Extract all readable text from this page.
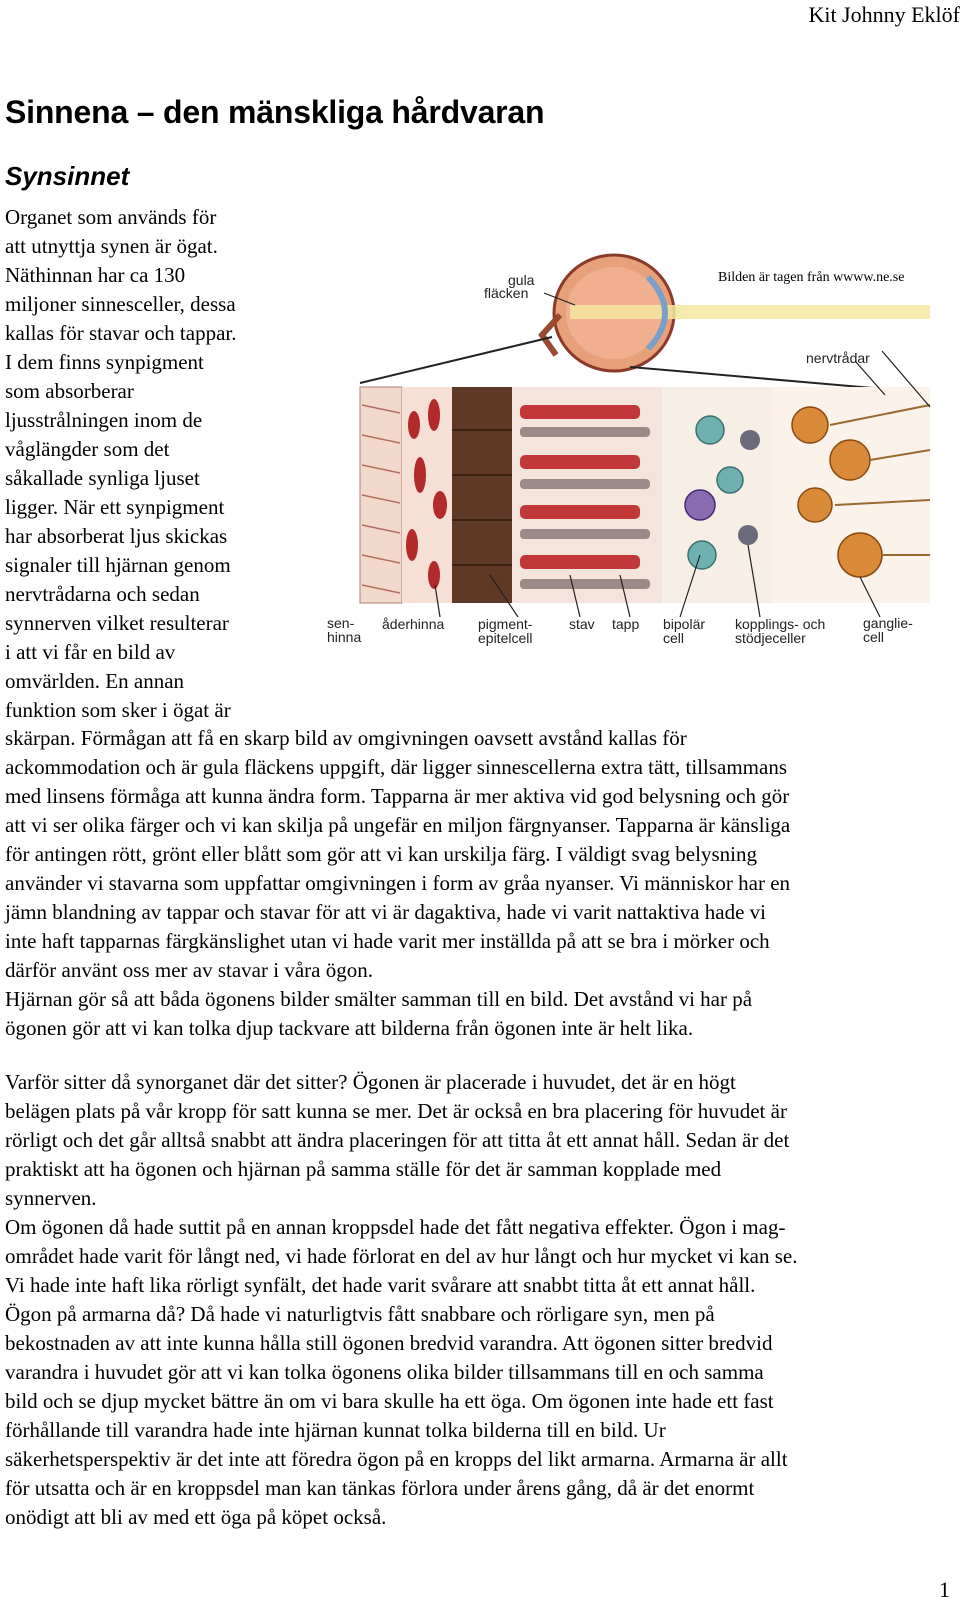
Kit Johnny Eklöf
Sinnena – den mänskliga hårdvaran
Synsinnet
Organet som används för
att utnyttja synen är ögat.
Näthinnan har ca 130
miljoner sinnesceller, dessa
kallas för stavar och tappar.
I dem finns synpigment
som absorberar
ljusstrålningen inom de
våglängder som det
såkallade synliga ljuset
ligger. När ett synpigment
har absorberat ljus skickas
signaler till hjärnan genom
nervtrådarna och sedan
synnerven vilket resulterar
i att vi får en bild av
omvärlden. En annan
funktion som sker i ögat är
gula
fläcken
nervtrådar
sen-
hinna
åderhinna pigment-
epitelcell
stav tapp bipolär
cell
kopplings- och
stödjeceller
ganglie-
cell
Bilden är tagen från wwww.ne.se
skärpan. Förmågan att få en skarp bild av omgivningen oavsett avstånd kallas för
ackommodation och är gula fläckens uppgift, där ligger sinnescellerna extra tätt, tillsammans
med linsens förmåga att kunna ändra form. Tapparna är mer aktiva vid god belysning och gör
att vi ser olika färger och vi kan skilja på ungefär en miljon färgnyanser. Tapparna är känsliga
för antingen rött, grönt eller blått som gör att vi kan urskilja färg. I väldigt svag belysning
använder vi stavarna som uppfattar omgivningen i form av gråa nyanser. Vi människor har en
jämn blandning av tappar och stavar för att vi är dagaktiva, hade vi varit nattaktiva hade vi
inte haft tapparnas färgkänslighet utan vi hade varit mer inställda på att se bra i mörker och
därför använt oss mer av stavar i våra ögon.
Hjärnan gör så att båda ögonens bilder smälter samman till en bild. Det avstånd vi har på
ögonen gör att vi kan tolka djup tackvare att bilderna från ögonen inte är helt lika.
Varför sitter då synorganet där det sitter? Ögonen är placerade i huvudet, det är en högt
belägen plats på vår kropp för satt kunna se mer. Det är också en bra placering för huvudet är
rörligt och det går alltså snabbt att ändra placeringen för att titta åt ett annat håll. Sedan är det
praktiskt att ha ögonen och hjärnan på samma ställe för det är samman kopplade med
synnerven.
Om ögonen då hade suttit på en annan kroppsdel hade det fått negativa effekter. Ögon i mag-
området hade varit för långt ned, vi hade förlorat en del av hur långt och hur mycket vi kan se.
Vi hade inte haft lika rörligt synfält, det hade varit svårare att snabbt titta åt ett annat håll.
Ögon på armarna då? Då hade vi naturligtvis fått snabbare och rörligare syn, men på
bekostnaden av att inte kunna hålla still ögonen bredvid varandra. Att ögonen sitter bredvid
varandra i huvudet gör att vi kan tolka ögonens olika bilder tillsammans till en och samma
bild och se djup mycket bättre än om vi bara skulle ha ett öga. Om ögonen inte hade ett fast
förhållande till varandra hade inte hjärnan kunnat tolka bilderna till en bild. Ur
säkerhetsperspektiv är det inte att föredra ögon på en kropps del likt armarna. Armarna är allt
för utsatta och är en kroppsdel man kan tänkas förlora under årens gång, då är det enormt
onödigt att bli av med ett öga på köpet också.
1
